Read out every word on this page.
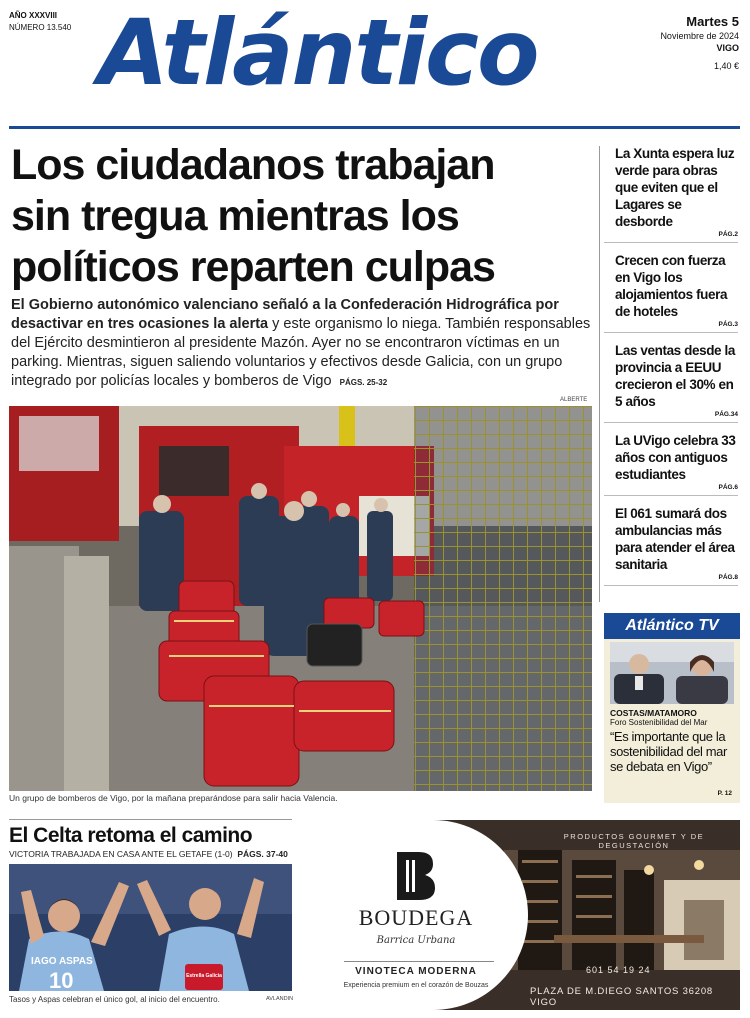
AÑO XXXVIII
NÚMERO 13.540 Atlántico	Martes 5
Noviembre de 2024
VIGO
1,40 €
Los ciudadanos trabajan
sin tregua mientras los
políticos reparten culpas
El Gobierno autonómico valenciano señaló a la Confederación Hidrográfica por desactivar en tres ocasiones la alerta y este organismo lo niega. También responsables del Ejército desmintieron al presidente Mazón. Ayer no se encontraron víctimas en un parking. Mientras, siguen saliendo voluntarios y efectivos desde Galicia, con un grupo integrado por policías locales y bomberos de Vigo PÁGS. 25-32
ALBERTE
Un grupo de bomberos de Vigo, por la mañana preparándose para salir hacia Valencia.
La Xunta espera luz verde para obras que eviten que el Lagares se desborde
PÁG.2
Crecen con fuerza en Vigo los alojamientos fuera de hoteles
PÁG.3
Las ventas desde la provincia a EEUU crecieron el 30% en 5 años
PÁG.34
La UVigo celebra 33 años con antiguos estudiantes
PÁG.6
El 061 sumará dos ambulancias más para atender el área sanitaria
PÁG.8
Atlántico TV
COSTAS/MATAMORO
Foro Sostenibilidad del Mar
“Es importante que la sostenibilidad del mar se debata en Vigo”
P. 12
El Celta retoma el camino
VICTORIA TRABAJADA EN CASA ANTE EL GETAFE (1-0) PÁGS. 37-40
IAGO ASPAS
10	Estrella Galicia
Tasos y Aspas celebran el único gol, al inicio del encuentro.	AVLANDIN
PRODUCTOS GOURMET Y DE DEGUSTACIÓN
BOUDEGA
Barrica Urbana
VINOTECA MODERNA
Experiencia premium en el corazón de Bouzas
601 54 19 24
PLAZA DE M.DIEGO SANTOS 36208 VIGO
